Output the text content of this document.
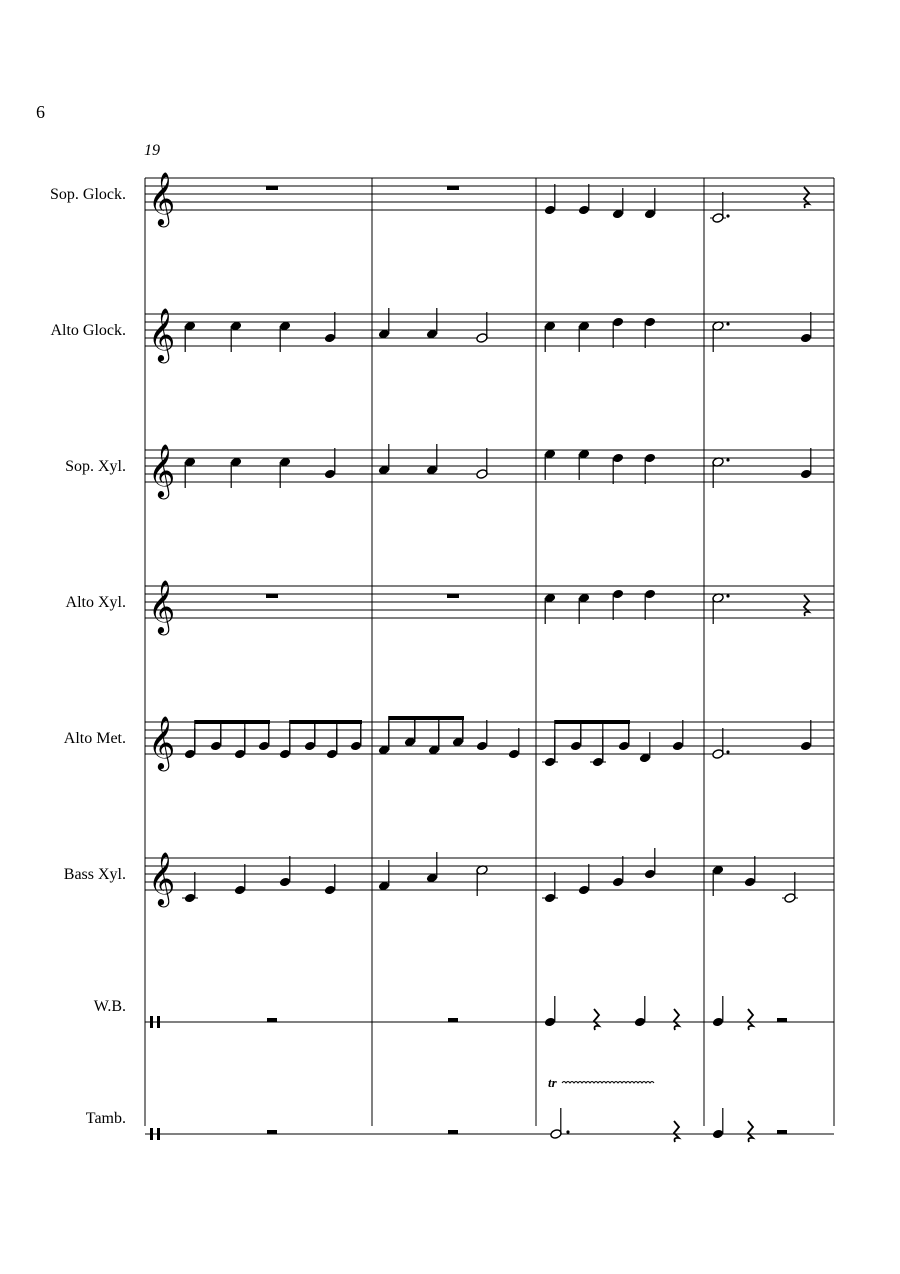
6
19
Sop. Glock.
Alto Glock.
Sop. Xyl.
Alto Xyl.
Alto Met.
Bass Xyl.
W.B.
Tamb.
𝄞
𝄞
𝄞
𝄞
𝄞
𝄞
tr
